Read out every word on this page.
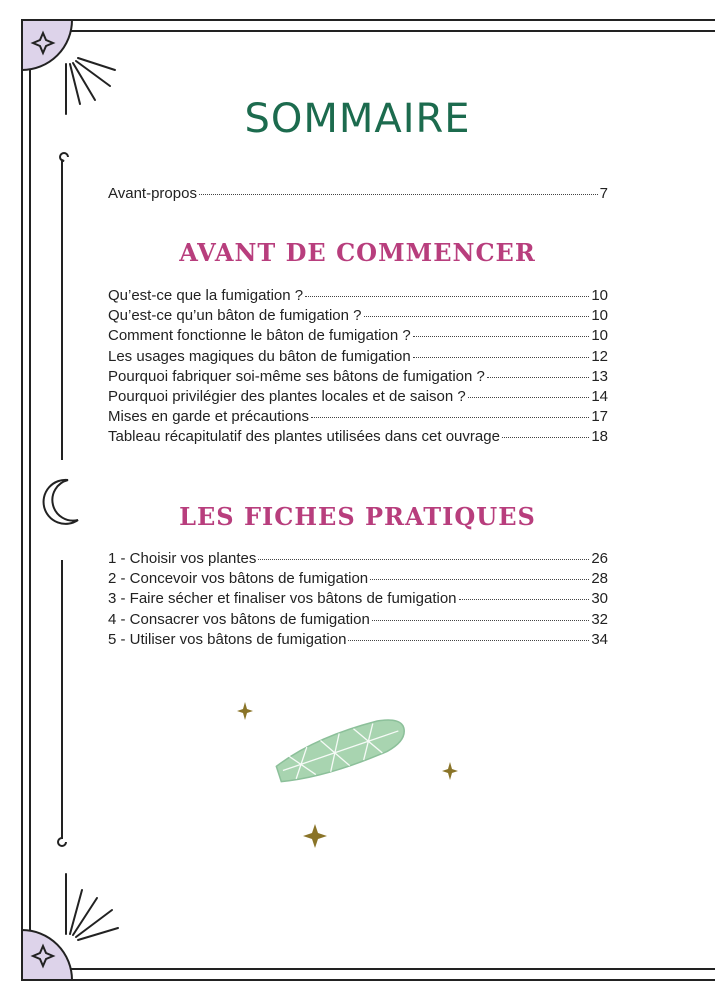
SOMMAIRE
Avant-propos	7
AVANT DE COMMENCER
Qu’est-ce que la fumigation ?	10
Qu’est-ce qu’un bâton de fumigation ?	10
Comment fonctionne le bâton de fumigation ?	10
Les usages magiques du bâton de fumigation	12
Pourquoi fabriquer soi-même ses bâtons de fumigation ?	13
Pourquoi privilégier des plantes locales et de saison ?	14
Mises en garde et précautions	17
Tableau récapitulatif des plantes utilisées dans cet ouvrage	18
LES FICHES PRATIQUES
1 - Choisir vos plantes	26
2 - Concevoir vos bâtons de fumigation	28
3 - Faire sécher et finaliser vos bâtons de fumigation	30
4 - Consacrer vos bâtons de fumigation	32
5 - Utiliser vos bâtons de fumigation	34
